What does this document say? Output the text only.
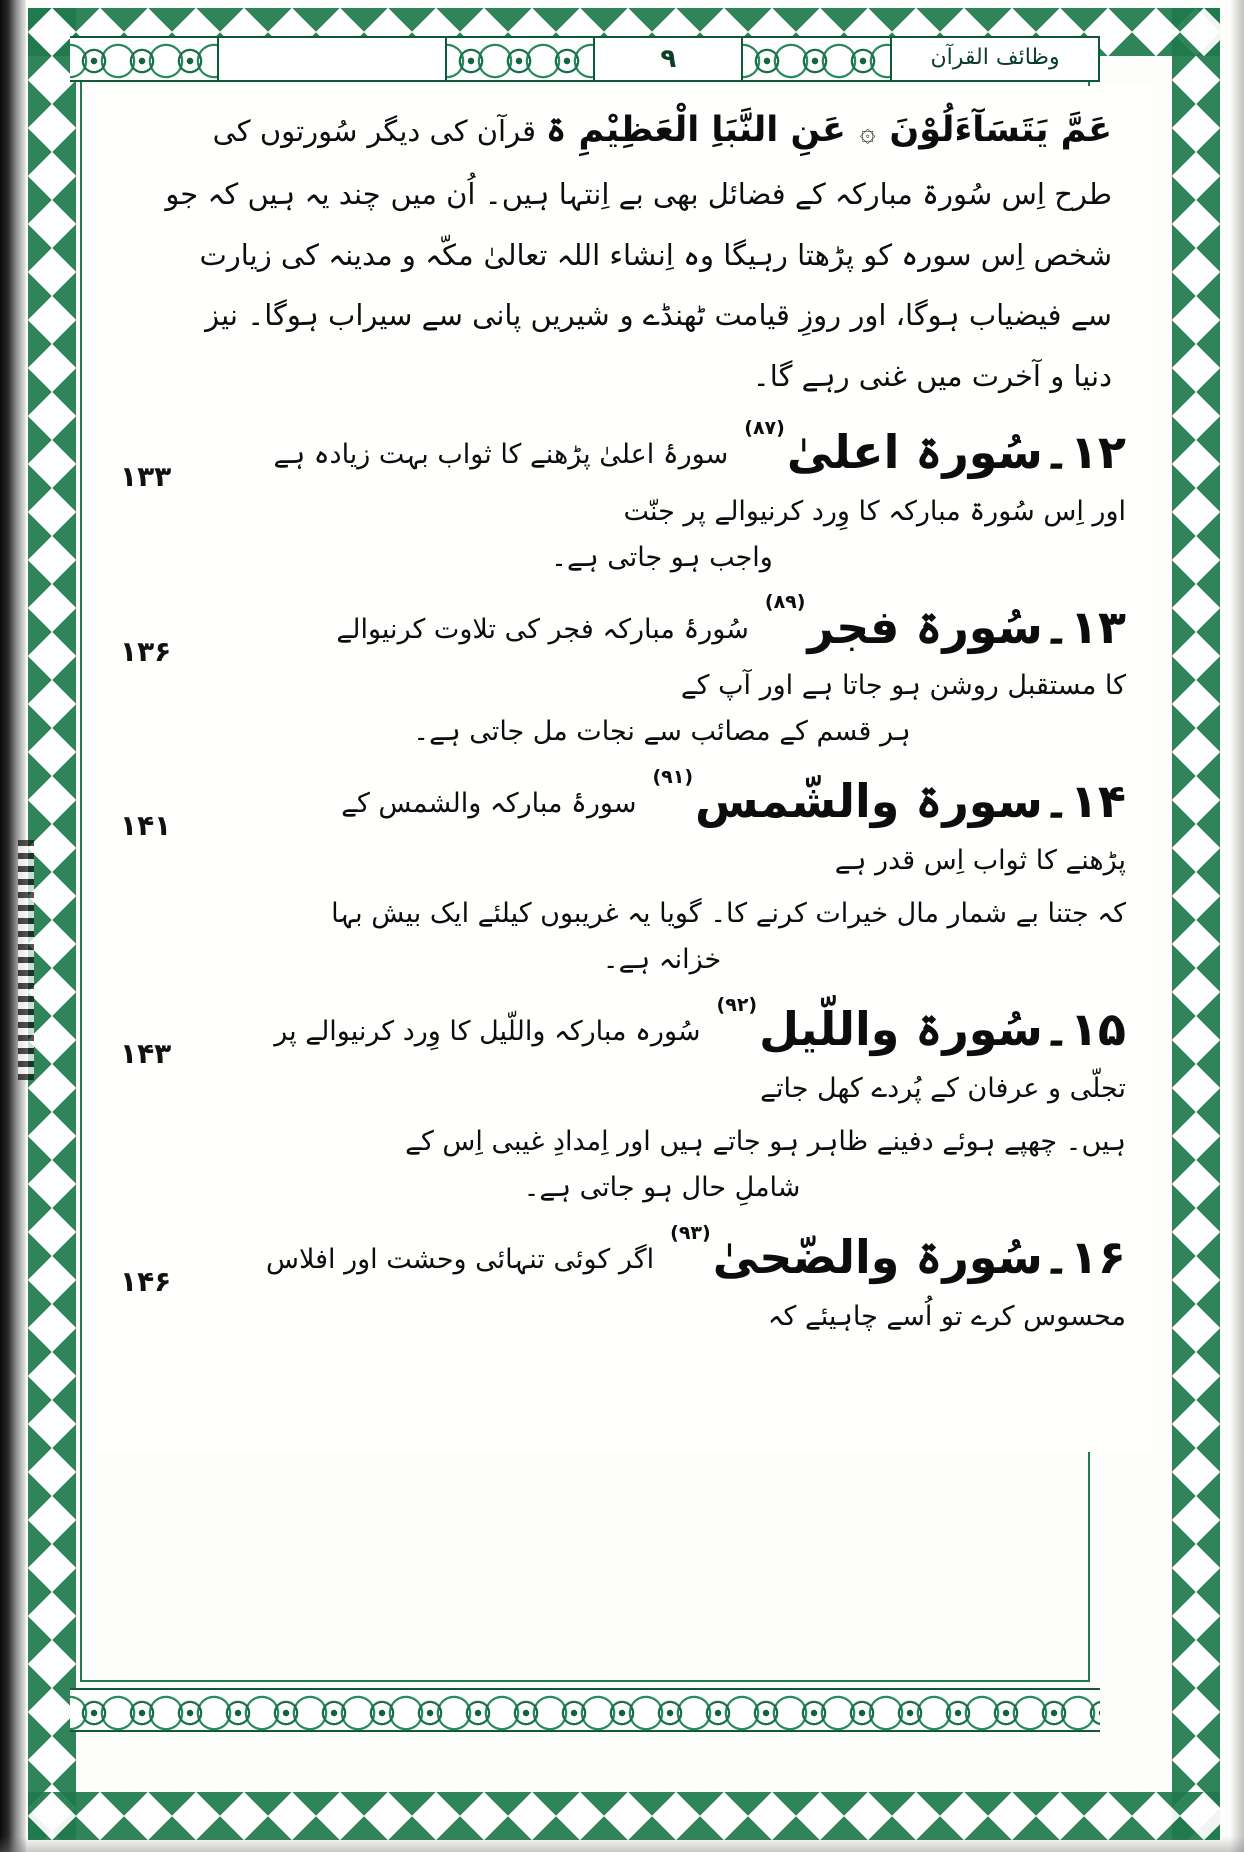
۹	وظائف القرآن
عَمَّ يَتَسَآءَلُوْنَ ۞ عَنِ النَّبَاِ الْعَظِيْمِ ۃ قرآن کی دیگر سُورتوں کی طرح اِس سُورۃ مبارکہ کے فضائل بھی بے اِنتہا ہیں۔ اُن میں چند یہ ہیں کہ جو شخص اِس سورہ کو پڑھتا رہیگا وہ اِنشاء اللہ تعالیٰ مکّہ و مدینہ کی زیارت سے فیضیاب ہوگا، اور روزِ قیامت ٹھنڈے و شیریں پانی سے سیراب ہوگا۔ نیز دنیا و آخرت میں غنی رہے گا۔
۱۳۳	۱۲۔سُورۃ اعلیٰ$^{(۸۷)}$
سورۂ اعلیٰ پڑھنے کا ثواب بہت زیادہ ہے
اور اِس سُورۃ مبارکہ کا وِرد کرنیوالے پر جنّت
واجب ہو جاتی ہے۔
۱۳۶	۱۳۔سُورۃ فجر$^{(۸۹)}$
سُورۂ مبارکہ فجر کی تلاوت کرنیوالے
کا مستقبل روشن ہو جاتا ہے اور آپ کے
ہر قسم کے مصائب سے نجات مل جاتی ہے۔
۱۴۱	۱۴۔سورۃ والشّمس$^{(۹۱)}$
سورۂ مبارکہ والشمس کے
پڑھنے کا ثواب اِس قدر ہے
کہ جتنا بے شمار مال خیرات کرنے کا۔ گویا یہ غریبوں کیلئے ایک بیش بہا
خزانہ ہے۔
۱۴۳	۱۵۔سُورۃ واللّیل$^{(۹۲)}$
سُورہ مبارکہ واللّیل کا وِرد کرنیوالے پر
تجلّی و عرفان کے پُردے کھل جاتے
ہیں۔ چھپے ہوئے دفینے ظاہر ہو جاتے ہیں اور اِمدادِ غیبی اِس کے
شاملِ حال ہو جاتی ہے۔
۱۴۶	۱۶۔سُورۃ والضّحیٰ$^{(۹۳)}$
اگر کوئی تنہائی وحشت اور افلاس
محسوس کرے تو اُسے چاہیئے کہ
